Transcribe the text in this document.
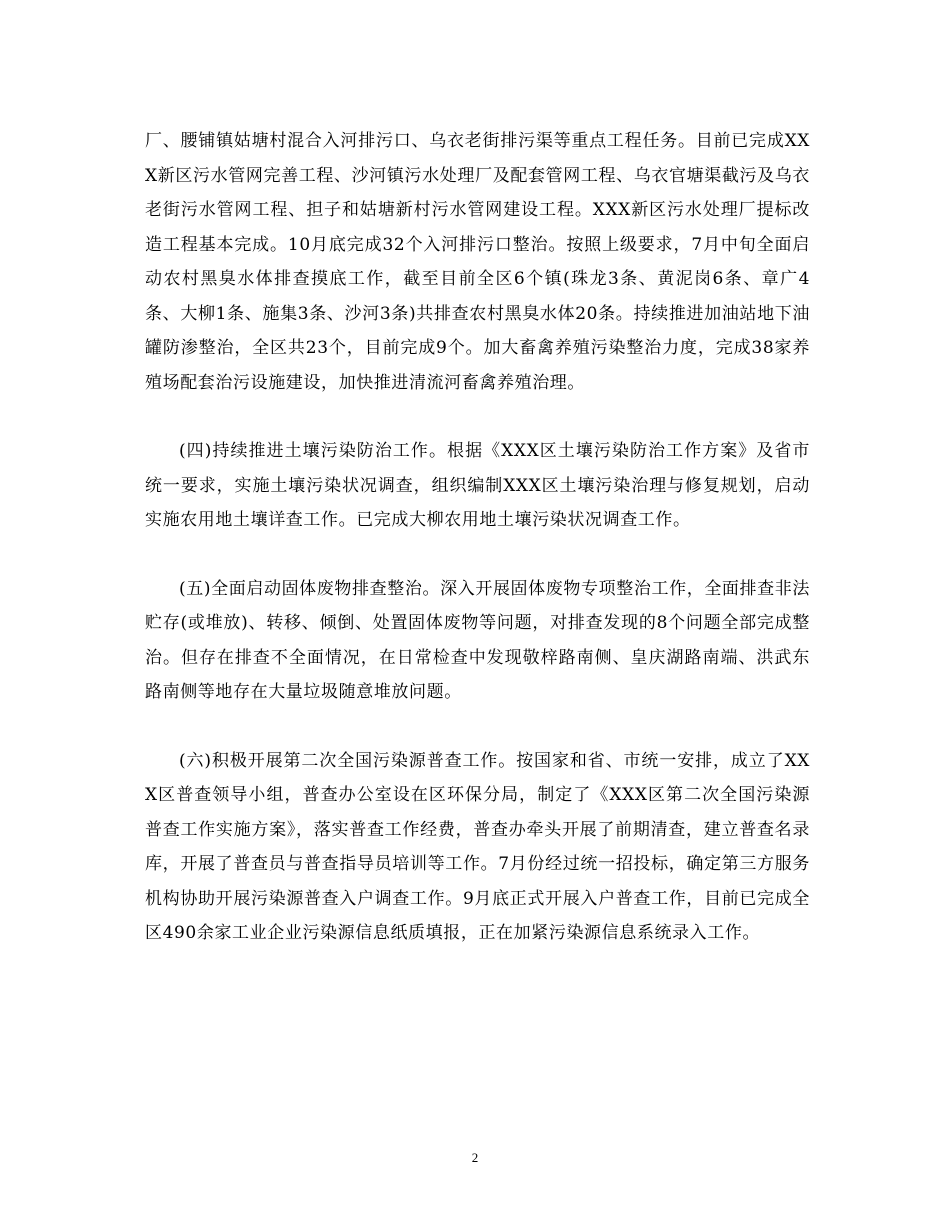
厂、腰铺镇姑塘村混合入河排污口、乌衣老街排污渠等重点工程任务。目前已完成XXX新区污水管网完善工程、沙河镇污水处理厂及配套管网工程、乌衣官塘渠截污及乌衣老街污水管网工程、担子和姑塘新村污水管网建设工程。XXX新区污水处理厂提标改造工程基本完成。10月底完成32个入河排污口整治。按照上级要求，7月中旬全面启动农村黑臭水体排查摸底工作，截至目前全区6个镇(珠龙3条、黄泥岗6条、章广4条、大柳1条、施集3条、沙河3条)共排查农村黑臭水体20条。持续推进加油站地下油罐防渗整治，全区共23个，目前完成9个。加大畜禽养殖污染整治力度，完成38家养殖场配套治污设施建设，加快推进清流河畜禽养殖治理。

(四)持续推进土壤污染防治工作。根据《XXX区土壤污染防治工作方案》及省市统一要求，实施土壤污染状况调查，组织编制XXX区土壤污染治理与修复规划，启动实施农用地土壤详查工作。已完成大柳农用地土壤污染状况调查工作。

(五)全面启动固体废物排查整治。深入开展固体废物专项整治工作，全面排查非法贮存(或堆放)、转移、倾倒、处置固体废物等问题，对排查发现的8个问题全部完成整治。但存在排查不全面情况，在日常检查中发现敬梓路南侧、皇庆湖路南端、洪武东路南侧等地存在大量垃圾随意堆放问题。

(六)积极开展第二次全国污染源普查工作。按国家和省、市统一安排，成立了XXX区普查领导小组，普查办公室设在区环保分局，制定了《XXX区第二次全国污染源普查工作实施方案》，落实普查工作经费，普查办牵头开展了前期清查，建立普查名录库，开展了普查员与普查指导员培训等工作。7月份经过统一招投标，确定第三方服务机构协助开展污染源普查入户调查工作。9月底正式开展入户普查工作，目前已完成全区490余家工业企业污染源信息纸质填报，正在加紧污染源信息系统录入工作。

2
